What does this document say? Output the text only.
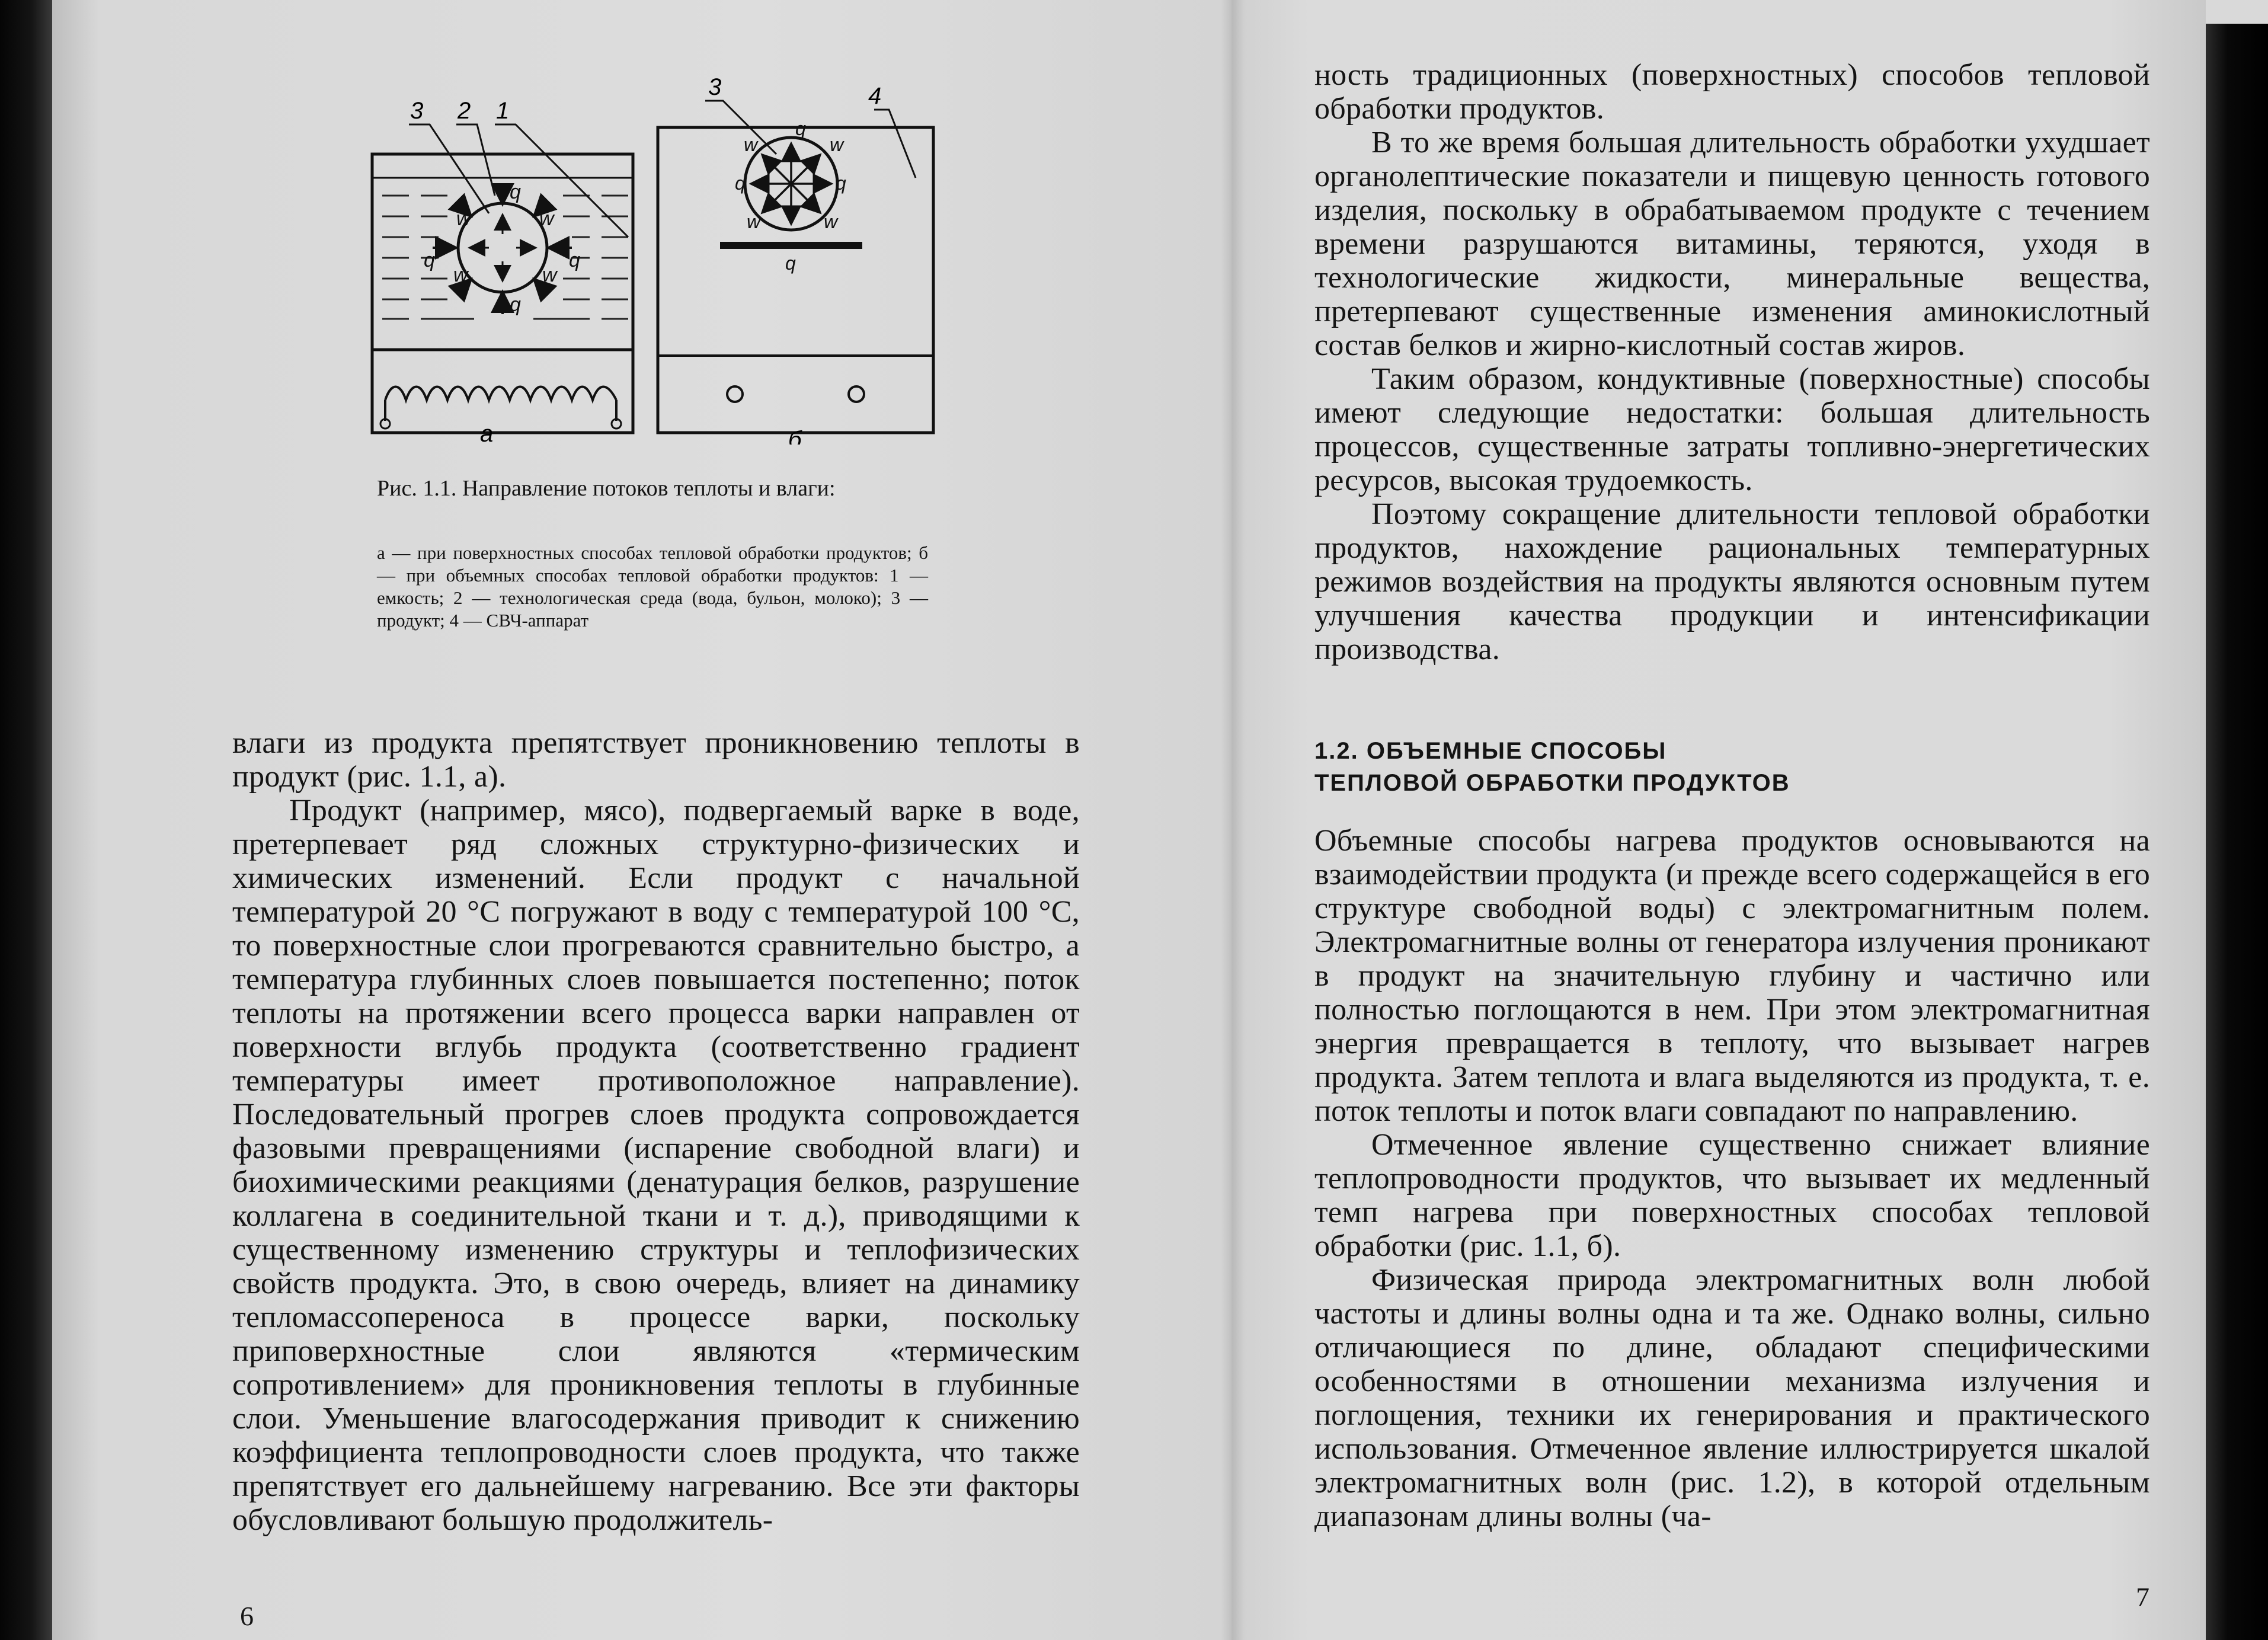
q
q
q	q
w	w
w	w
3 2 1
а
q
q	q
q
w	w
w	w
3	4
б
Рис. 1.1. Направление потоков теплоты и влаги:
а — при поверхностных способах тепловой обработки продуктов; б — при объемных способах тепловой обработки продуктов: 1 — емкость; 2 — технологическая среда (вода, бульон, молоко); 3 — продукт; 4 — СВЧ-аппарат

влаги из продукта препятствует проникновению теплоты в продукт (рис. 1.1, а).

Продукт (например, мясо), подвергаемый варке в воде, претерпевает ряд сложных структурно-физических и химических изменений. Если продукт с начальной температурой 20 °С погружают в воду с температурой 100 °С, то поверхностные слои прогреваются сравнительно быстро, а температура глубинных слоев повышается постепенно; поток теплоты на протяжении всего процесса варки направлен от поверхности вглубь продукта (соответственно градиент температуры имеет противоположное направление). Последовательный прогрев слоев продукта сопровождается фазовыми превращениями (испарение свободной влаги) и биохимическими реакциями (денатурация белков, разрушение коллагена в соединительной ткани и т. д.), приводящими к существенному изменению структуры и теплофизических свойств продукта. Это, в свою очередь, влияет на динамику тепломассопереноса в процессе варки, поскольку приповерхностные слои являются «термическим сопротивлением» для проникновения теплоты в глубинные слои. Уменьшение влагосодержания приводит к снижению коэффициента теплопроводности слоев продукта, что также препятствует его дальнейшему нагреванию. Все эти факторы обусловливают большую продолжитель-

6

ность традиционных (поверхностных) способов тепловой обработки продуктов.

В то же время большая длительность обработки ухудшает органолептические показатели и пищевую ценность готового изделия, поскольку в обрабатываемом продукте с течением времени разрушаются витамины, теряются, уходя в технологические жидкости, минеральные вещества, претерпевают существенные изменения аминокислотный состав белков и жирно-кислотный состав жиров.

Таким образом, кондуктивные (поверхностные) способы имеют следующие недостатки: большая длительность процессов, существенные затраты топливно-энергетических ресурсов, высокая трудоемкость.

Поэтому сокращение длительности тепловой обработки продуктов, нахождение рациональных температурных режимов воздействия на продукты являются основным путем улучшения качества продукции и интенсификации производства.

1.2. ОБЪЕМНЫЕ СПОСОБЫ
ТЕПЛОВОЙ ОБРАБОТКИ ПРОДУКТОВ

Объемные способы нагрева продуктов основываются на взаимодействии продукта (и прежде всего содержащейся в его структуре свободной воды) с электромагнитным полем. Электромагнитные волны от генератора излучения проникают в продукт на значительную глубину и частично или полностью поглощаются в нем. При этом электромагнитная энергия превращается в теплоту, что вызывает нагрев продукта. Затем теплота и влага выделяются из продукта, т. е. поток теплоты и поток влаги совпадают по направлению.

Отмеченное явление существенно снижает влияние теплопроводности продуктов, что вызывает их медленный темп нагрева при поверхностных способах тепловой обработки (рис. 1.1, б).

Физическая природа электромагнитных волн любой частоты и длины волны одна и та же. Однако волны, сильно отличающиеся по длине, обладают специфическими особенностями в отношении механизма излучения и поглощения, техники их генерирования и практического использования. Отмеченное явление иллюстрируется шкалой электромагнитных волн (рис. 1.2), в которой отдельным диапазонам длины волны (ча-

7
